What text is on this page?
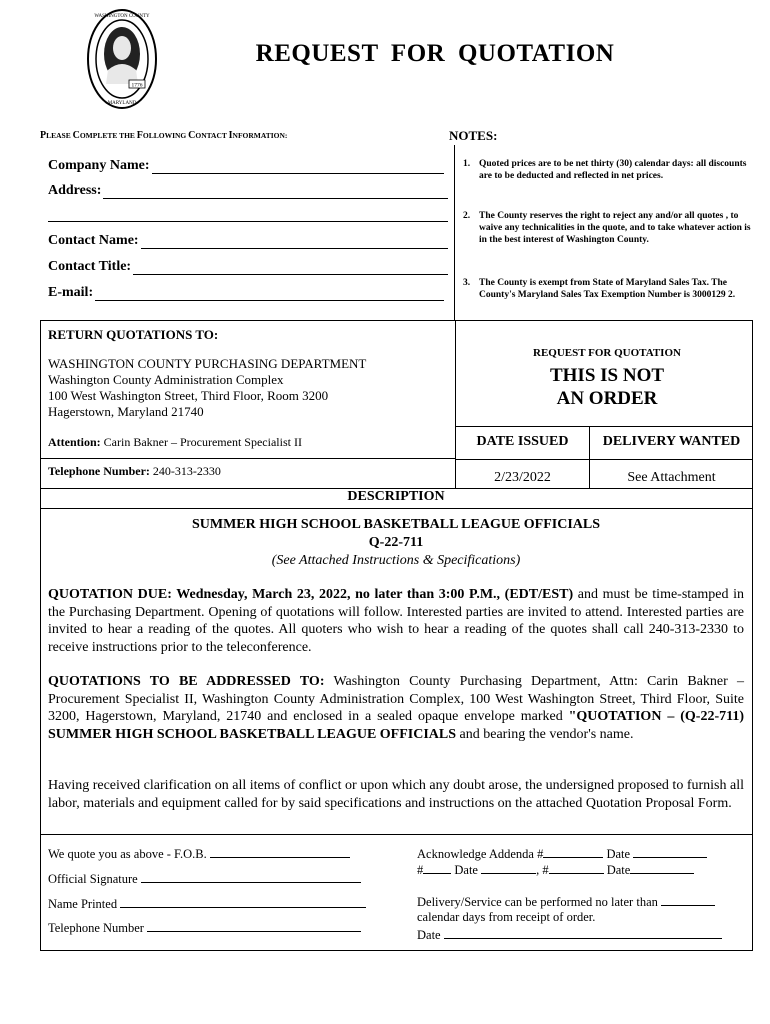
1776
WASHINGTON COUNTY
MARYLAND
REQUEST FOR QUOTATION
PLEASE COMPLETE THE FOLLOWING CONTACT INFORMATION:	NOTES:
Company Name:
Address:
Contact Name:
Contact Title:
E-mail:
1. Quoted prices are to be net thirty (30) calendar days: all discounts are to be deducted and reflected in net prices.
2. The County reserves the right to reject any and/or all quotes , to waive any technicalities in the quote, and to take whatever action is in the best interest of Washington County.
3. The County is exempt from State of Maryland Sales Tax. The County's Maryland Sales Tax Exemption Number is 3000129 2.
RETURN QUOTATIONS TO:
WASHINGTON COUNTY PURCHASING DEPARTMENT
Washington County Administration Complex
100 West Washington Street, Third Floor, Room 3200
Hagerstown, Maryland 21740
Attention: Carin Bakner – Procurement Specialist II
Telephone Number: 240-313-2330
REQUEST FOR QUOTATION
THIS IS NOT
AN ORDER
DATE ISSUED	DELIVERY WANTED
2/23/2022	See Attachment
DESCRIPTION
SUMMER HIGH SCHOOL BASKETBALL LEAGUE OFFICIALS
Q-22-711
(See Attached Instructions & Specifications)
QUOTATION DUE: Wednesday, March 23, 2022, no later than 3:00 P.M., (EDT/EST) and must be time-stamped in the Purchasing Department. Opening of quotations will follow. Interested parties are invited to attend. Interested parties are invited to hear a reading of the quotes. All quoters who wish to hear a reading of the quotes shall call 240-313-2330 to receive instructions prior to the teleconference.
QUOTATIONS TO BE ADDRESSED TO: Washington County Purchasing Department, Attn: Carin Bakner – Procurement Specialist II, Washington County Administration Complex, 100 West Washington Street, Third Floor, Suite 3200, Hagerstown, Maryland, 21740 and enclosed in a sealed opaque envelope marked "QUOTATION – (Q-22-711) SUMMER HIGH SCHOOL BASKETBALL LEAGUE OFFICIALS and bearing the vendor's name.
Having received clarification on all items of conflict or upon which any doubt arose, the undersigned proposed to furnish all labor, materials and equipment called for by said specifications and instructions on the attached Quotation Proposal Form.
We quote you as above - F.O.B.
Official Signature
Name Printed
Telephone Number
Acknowledge Addenda #	Date
# Date	, #	Date
Delivery/Service can be performed no later than
calendar days from receipt of order.
Date
